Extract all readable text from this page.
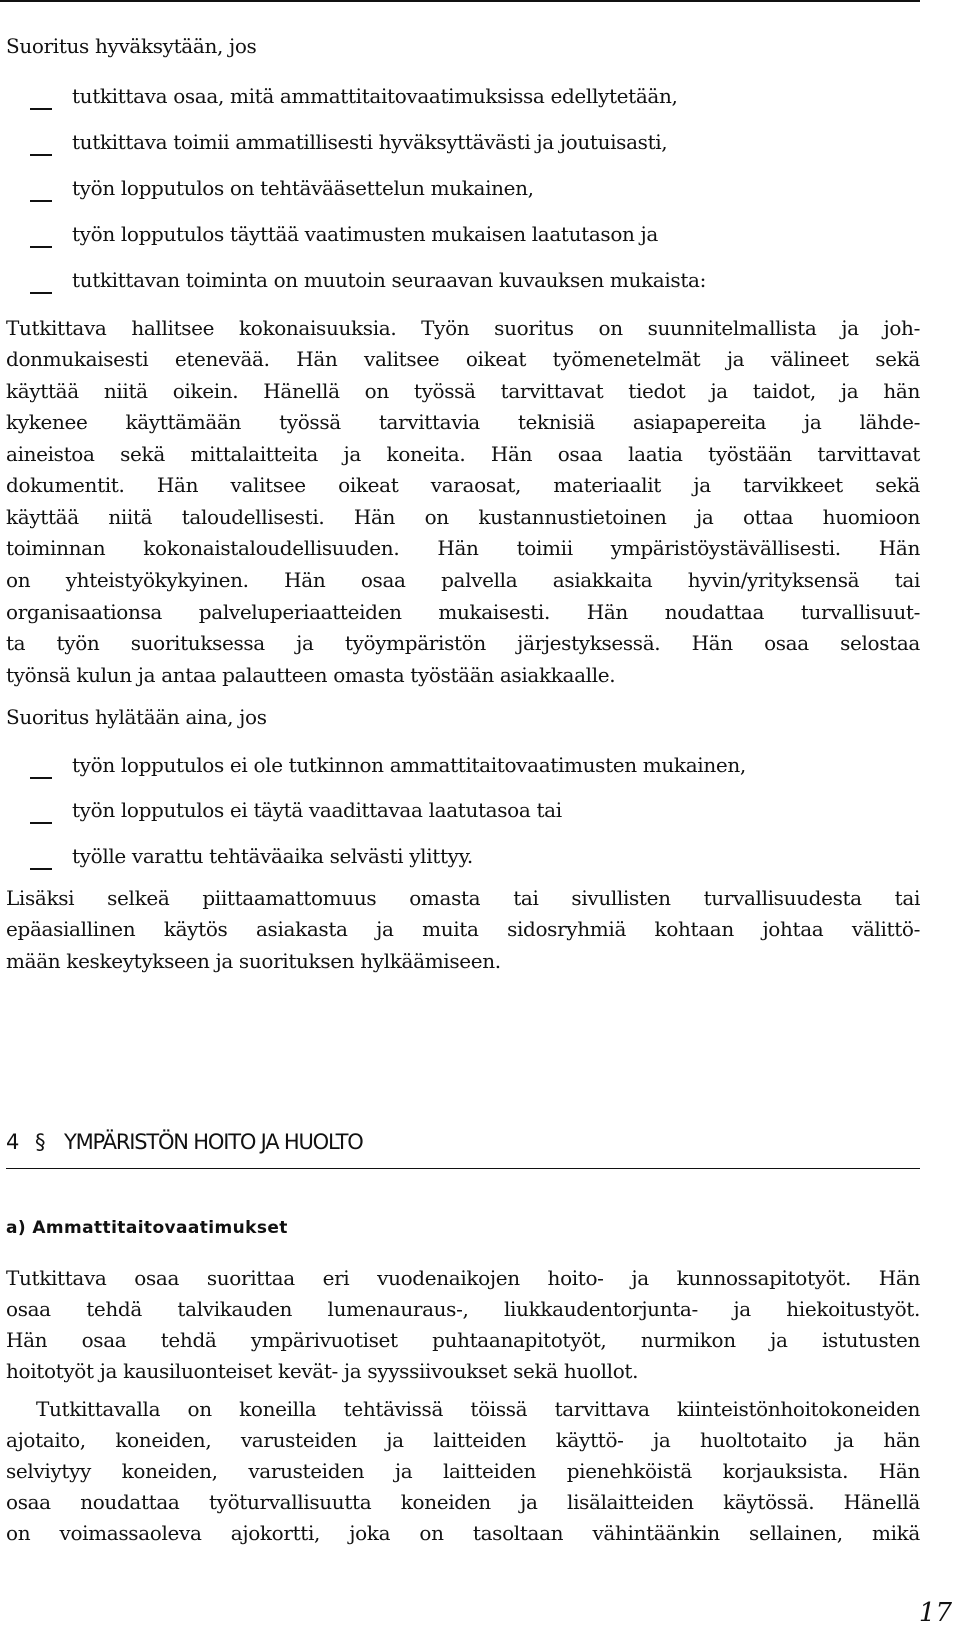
Suoritus hyväksytään, jos
tutkittava osaa, mitä ammattitaitovaatimuksissa edellytetään,
tutkittava toimii ammatillisesti hyväksyttävästi ja joutuisasti,
työn lopputulos on tehtävääsettelun mukainen,
työn lopputulos täyttää vaatimusten mukaisen laatutason ja
tutkittavan toiminta on muutoin seuraavan kuvauksen mukaista:
Tutkittava hallitsee kokonaisuuksia. Työn suoritus on suunnitelmallista ja joh-
donmukaisesti etenevää. Hän valitsee oikeat työmenetelmät ja välineet sekä
käyttää niitä oikein. Hänellä on työssä tarvittavat tiedot ja taidot, ja hän
kykenee käyttämään työssä tarvittavia teknisiä asiapapereita ja lähde-
aineistoa sekä mittalaitteita ja koneita. Hän osaa laatia työstään tarvittavat
dokumentit. Hän valitsee oikeat varaosat, materiaalit ja tarvikkeet sekä
käyttää niitä taloudellisesti. Hän on kustannustietoinen ja ottaa huomioon
toiminnan kokonaistaloudellisuuden. Hän toimii ympäristöystävällisesti. Hän
on yhteistyökykyinen. Hän osaa palvella asiakkaita hyvin/yrityksensä tai
organisaationsa palveluperiaatteiden mukaisesti. Hän noudattaa turvallisuut-
ta työn suorituksessa ja työympäristön järjestyksessä. Hän osaa selostaa
työnsä kulun ja antaa palautteen omasta työstään asiakkaalle.
Suoritus hylätään aina, jos
työn lopputulos ei ole tutkinnon ammattitaitovaatimusten mukainen,
työn lopputulos ei täytä vaadittavaa laatutasoa tai
työlle varattu tehtäväaika selvästi ylittyy.
Lisäksi selkeä piittaamattomuus omasta tai sivullisten turvallisuudesta tai
epäasiallinen käytös asiakasta ja muita sidosryhmiä kohtaan johtaa välittö-
mään keskeytykseen ja suorituksen hylkäämiseen.
4 § YMPÄRISTÖN HOITO JA HUOLTO
a) Ammattitaitovaatimukset
Tutkittava osaa suorittaa eri vuodenaikojen hoito- ja kunnossapitotyöt. Hän
osaa tehdä talvikauden lumenauraus-, liukkaudentorjunta- ja hiekoitustyöt.
Hän osaa tehdä ympärivuotiset puhtaanapitotyöt, nurmikon ja istutusten
hoitotyöt ja kausiluonteiset kevät- ja syyssiivoukset sekä huollot.
Tutkittavalla on koneilla tehtävissä töissä tarvittava kiinteistönhoitokoneiden
ajotaito, koneiden, varusteiden ja laitteiden käyttö- ja huoltotaito ja hän
selviytyy koneiden, varusteiden ja laitteiden pienehköistä korjauksista. Hän
osaa noudattaa työturvallisuutta koneiden ja lisälaitteiden käytössä. Hänellä
on voimassaoleva ajokortti, joka on tasoltaan vähintäänkin sellainen, mikä
17
